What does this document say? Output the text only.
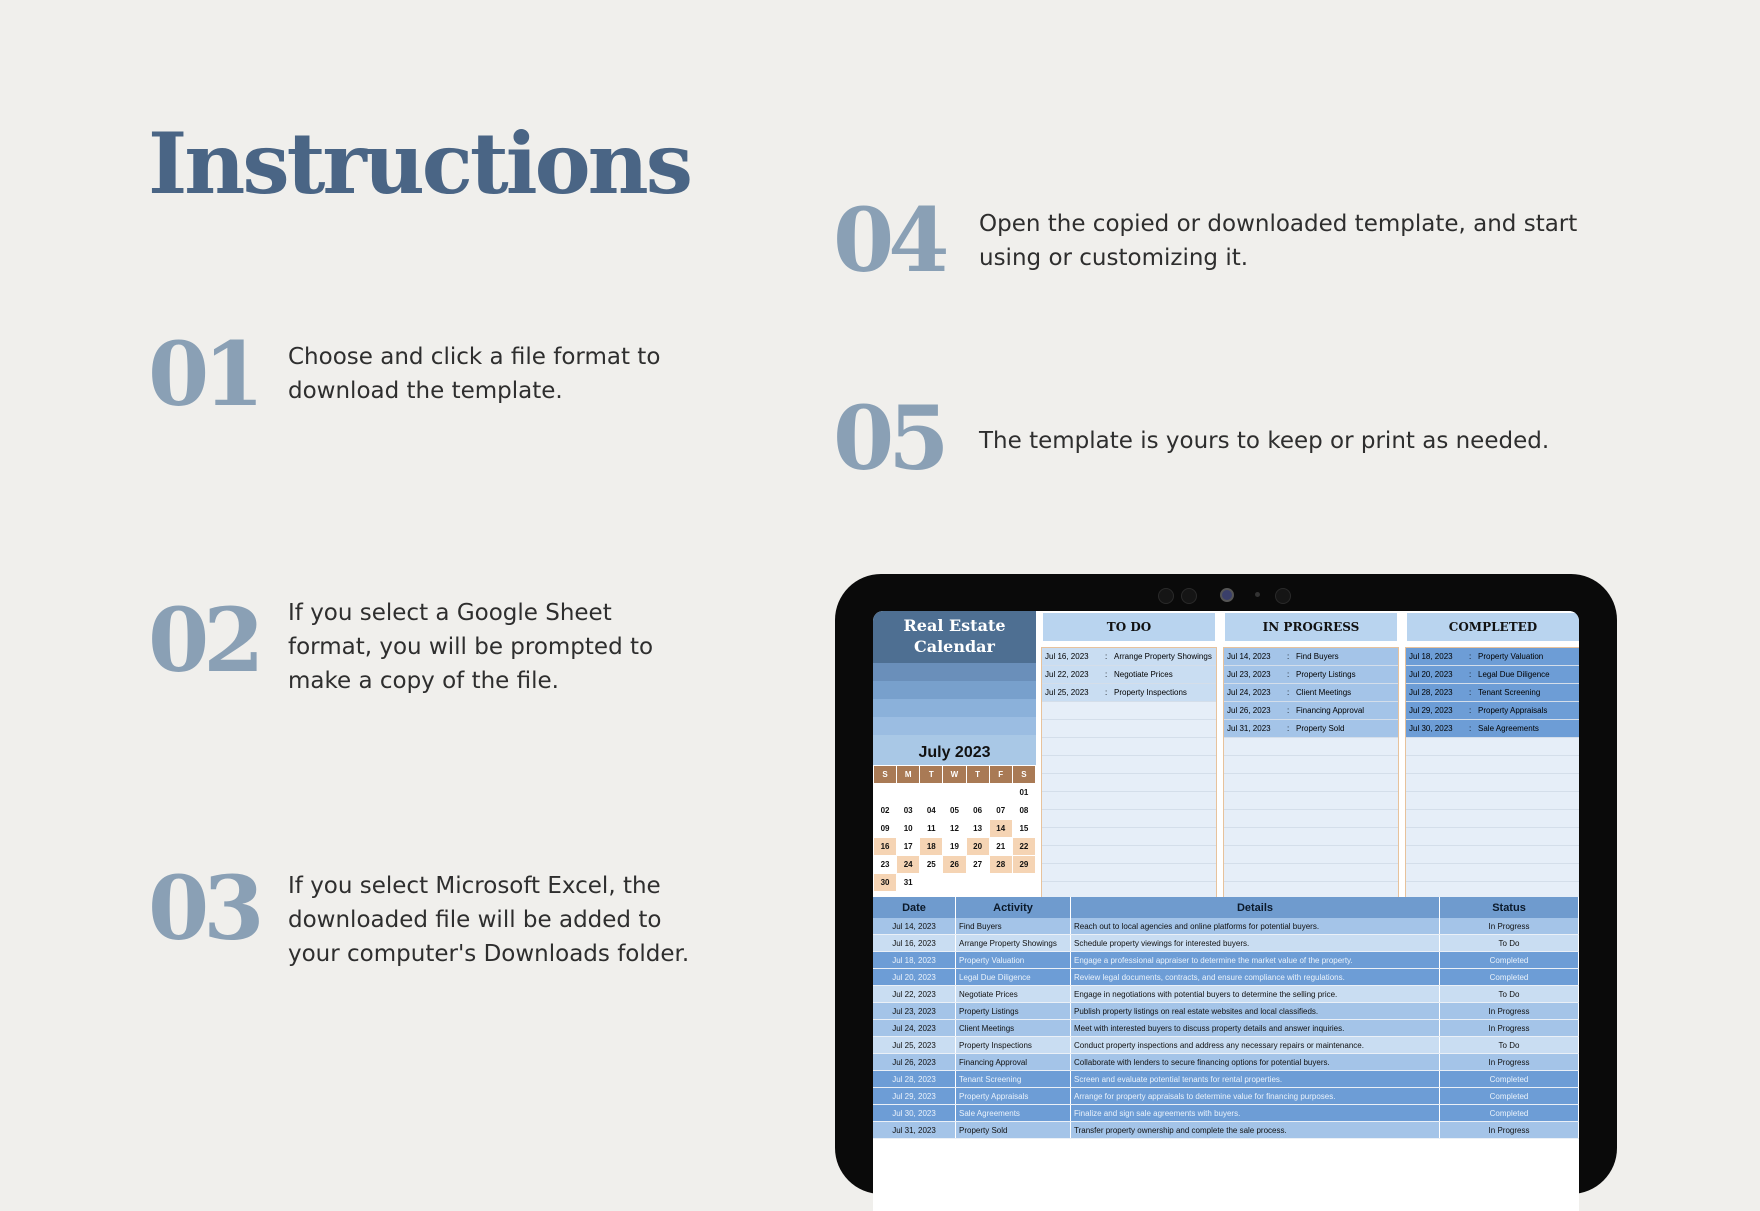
Instructions
01 Choose and click a file format to
download the template.
02 If you select a Google Sheet
format, you will be prompted to
make a copy of the file.
03 If you select Microsoft Excel, the
downloaded file will be added to
your computer's Downloads folder.
04 Open the copied or downloaded template, and start
using or customizing it.
05 The template is yours to keep or print as needed.
Real Estate
Calendar
July 2023
S	M	T	W	T	F	S
						01
02	03	04	05	06	07	08
09	10	11	12	13	14	15
16	17	18	19	20	21	22
23	24	25	26	27	28	29
30	31					
TO DO
Jul 16, 2023 : Arrange Property Showings
Jul 22, 2023 : Negotiate Prices
Jul 25, 2023 : Property Inspections
IN PROGRESS
Jul 14, 2023 : Find Buyers
Jul 23, 2023 : Property Listings
Jul 24, 2023 : Client Meetings
Jul 26, 2023 : Financing Approval
Jul 31, 2023 : Property Sold
COMPLETED
Jul 18, 2023 : Property Valuation
Jul 20, 2023 : Legal Due Diligence
Jul 28, 2023 : Tenant Screening
Jul 29, 2023 : Property Appraisals
Jul 30, 2023 : Sale Agreements
Date	Activity	Details	Status
Jul 14, 2023	Find Buyers	Reach out to local agencies and online platforms for potential buyers.	In Progress
Jul 16, 2023	Arrange Property Showings	Schedule property viewings for interested buyers.	To Do
Jul 18, 2023	Property Valuation	Engage a professional appraiser to determine the market value of the property.	Completed
Jul 20, 2023	Legal Due Diligence	Review legal documents, contracts, and ensure compliance with regulations.	Completed
Jul 22, 2023	Negotiate Prices	Engage in negotiations with potential buyers to determine the selling price.	To Do
Jul 23, 2023	Property Listings	Publish property listings on real estate websites and local classifieds.	In Progress
Jul 24, 2023	Client Meetings	Meet with interested buyers to discuss property details and answer inquiries.	In Progress
Jul 25, 2023	Property Inspections	Conduct property inspections and address any necessary repairs or maintenance.	To Do
Jul 26, 2023	Financing Approval	Collaborate with lenders to secure financing options for potential buyers.	In Progress
Jul 28, 2023	Tenant Screening	Screen and evaluate potential tenants for rental properties.	Completed
Jul 29, 2023	Property Appraisals	Arrange for property appraisals to determine value for financing purposes.	Completed
Jul 30, 2023	Sale Agreements	Finalize and sign sale agreements with buyers.	Completed
Jul 31, 2023	Property Sold	Transfer property ownership and complete the sale process.	In Progress
